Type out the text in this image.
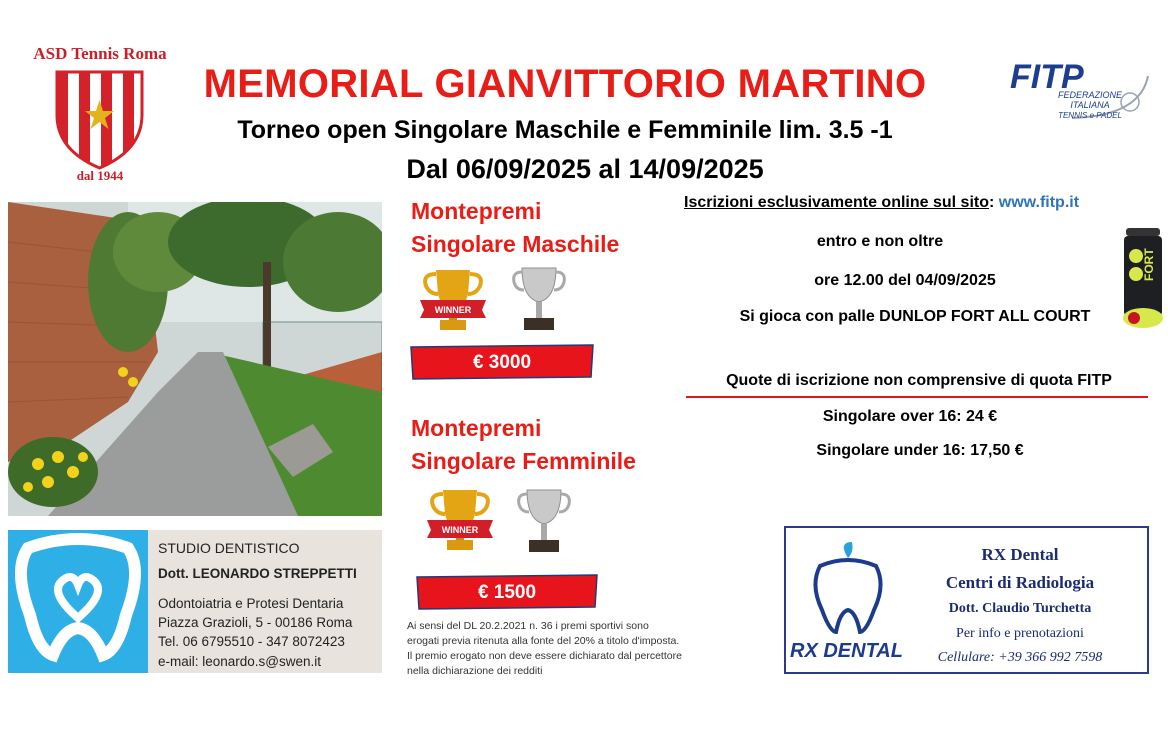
ASD Tennis Roma
dal 1944
MEMORIAL GIANVITTORIO MARTINO
Torneo open Singolare Maschile e Femminile lim. 3.5 -1
Dal 06/09/2025 al 14/09/2025
FITP
FEDERAZIONE
ITALIANA
TENNIS e PADEL
Montepremi
Singolare Maschile
WINNER
€ 3000
Montepremi
Singolare Femminile
WINNER
€ 1500
Iscrizioni esclusivamente online sul sito: www.fitp.it
entro e non oltre
ore 12.00 del 04/09/2025
Si gioca con palle DUNLOP FORT ALL COURT
FORT
Quote di iscrizione non comprensive di quota FITP
Singolare over 16: 24 €
Singolare under 16: 17,50 €
STUDIO DENTISTICO
Dott. LEONARDO STREPPETTI
Odontoiatria e Protesi Dentaria
Piazza Grazioli, 5 - 00186 Roma
Tel. 06 6795510 - 347 8072423
e-mail: leonardo.s@swen.it
Ai sensi del DL 20.2.2021 n. 36 i premi sportivi sono
erogati previa ritenuta alla fonte del 20% a titolo d'imposta.
Il premio erogato non deve essere dichiarato dal percettore
nella dichiarazione dei redditi
RX DENTAL
RX Dental
Centri di Radiologia
Dott. Claudio Turchetta
Per info e prenotazioni
Cellulare: +39 366 992 7598
